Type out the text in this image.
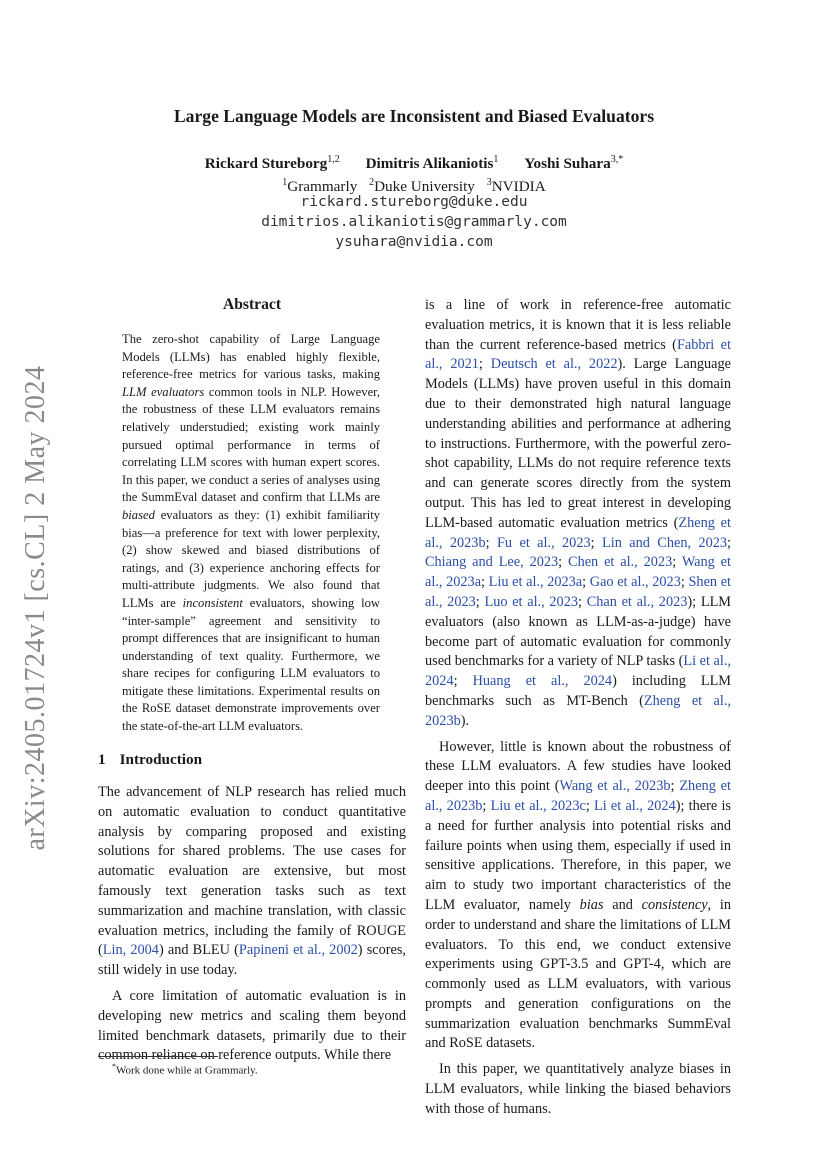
arXiv:2405.01724v1 [cs.CL] 2 May 2024
Large Language Models are Inconsistent and Biased Evaluators
Rickard Stureborg$^{1,2}$ Dimitris Alikaniotis$^1$ Yoshi Suhara$^{3,*}$
$^1$Grammarly $^2$Duke University $^3$NVIDIA
rickard.stureborg@duke.edu
dimitrios.alikaniotis@grammarly.com
ysuhara@nvidia.com
Abstract

The zero-shot capability of Large Language Models (LLMs) has enabled highly flexible, reference-free metrics for various tasks, making LLM evaluators common tools in NLP. However, the robustness of these LLM evaluators remains relatively understudied; existing work mainly pursued optimal performance in terms of correlating LLM scores with human expert scores. In this paper, we conduct a series of analyses using the SummEval dataset and confirm that LLMs are biased evaluators as they: (1) exhibit familiarity bias—a preference for text with lower perplexity, (2) show skewed and biased distributions of ratings, and (3) experience anchoring effects for multi-attribute judgments. We also found that LLMs are inconsistent evaluators, showing low “inter-sample” agreement and sensitivity to prompt differences that are insignificant to human understanding of text quality. Furthermore, we share recipes for configuring LLM evaluators to mitigate these limitations. Experimental results on the RoSE dataset demonstrate improvements over the state-of-the-art LLM evaluators.

1 Introduction

The advancement of NLP research has relied much on automatic evaluation to conduct quantitative analysis by comparing proposed and existing solutions for shared problems. The use cases for automatic evaluation are extensive, but most famously text generation tasks such as text summarization and machine translation, with classic evaluation metrics, including the family of ROUGE (Lin, 2004) and BLEU (Papineni et al., 2002) scores, still widely in use today.

A core limitation of automatic evaluation is in developing new metrics and scaling them beyond limited benchmark datasets, primarily due to their common reliance on reference outputs. While there

is a line of work in reference-free automatic evaluation metrics, it is known that it is less reliable than the current reference-based metrics (Fabbri et al., 2021; Deutsch et al., 2022). Large Language Models (LLMs) have proven useful in this domain due to their demonstrated high natural language understanding abilities and performance at adhering to instructions. Furthermore, with the powerful zero-shot capability, LLMs do not require reference texts and can generate scores directly from the system output. This has led to great interest in developing LLM-based automatic evaluation metrics (Zheng et al., 2023b; Fu et al., 2023; Lin and Chen, 2023; Chiang and Lee, 2023; Chen et al., 2023; Wang et al., 2023a; Liu et al., 2023a; Gao et al., 2023; Shen et al., 2023; Luo et al., 2023; Chan et al., 2023); LLM evaluators (also known as LLM-as-a-judge) have become part of automatic evaluation for commonly used benchmarks for a variety of NLP tasks (Li et al., 2024; Huang et al., 2024) including LLM benchmarks such as MT-Bench (Zheng et al., 2023b).

However, little is known about the robustness of these LLM evaluators. A few studies have looked deeper into this point (Wang et al., 2023b; Zheng et al., 2023b; Liu et al., 2023c; Li et al., 2024); there is a need for further analysis into potential risks and failure points when using them, especially if used in sensitive applications. Therefore, in this paper, we aim to study two important characteristics of the LLM evaluator, namely bias and consistency, in order to understand and share the limitations of LLM evaluators. To this end, we conduct extensive experiments using GPT-3.5 and GPT-4, which are commonly used as LLM evaluators, with various prompts and generation configurations on the summarization evaluation benchmarks SummEval and RoSE datasets.

In this paper, we quantitatively analyze biases in LLM evaluators, while linking the biased behaviors with those of humans.

*Work done while at Grammarly.
